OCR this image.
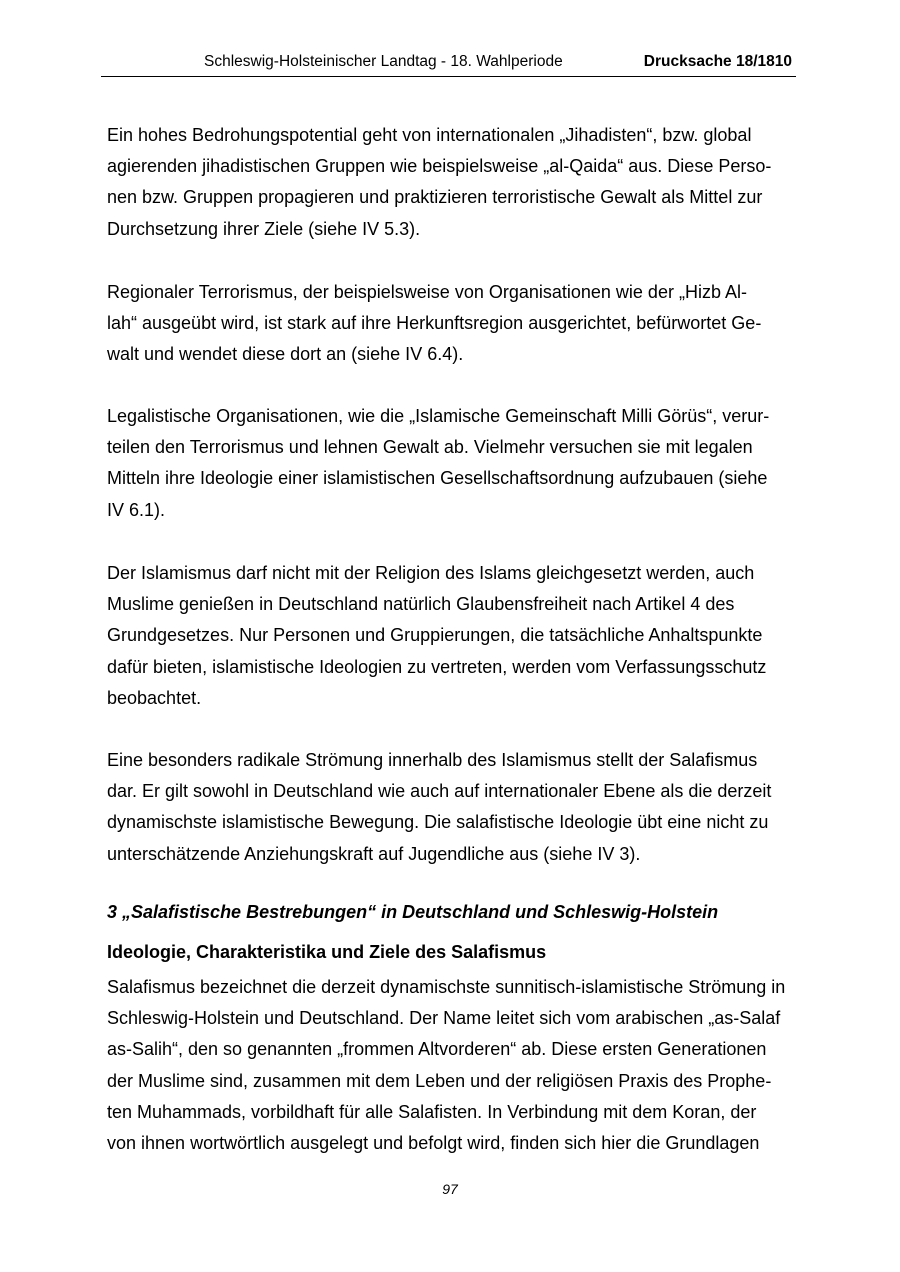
Schleswig-Holsteinischer Landtag - 18. Wahlperiode	Drucksache 18/1810

Ein hohes Bedrohungspotential geht von internationalen „Jihadisten“, bzw. global
agierenden jihadistischen Gruppen wie beispielsweise „al-Qaida“ aus. Diese Perso-
nen bzw. Gruppen propagieren und praktizieren terroristische Gewalt als Mittel zur
Durchsetzung ihrer Ziele (siehe IV 5.3).

Regionaler Terrorismus, der beispielsweise von Organisationen wie der „Hizb Al-
lah“ ausgeübt wird, ist stark auf ihre Herkunftsregion ausgerichtet, befürwortet Ge-
walt und wendet diese dort an (siehe IV 6.4).

Legalistische Organisationen, wie die „Islamische Gemeinschaft Milli Görüs“, verur-
teilen den Terrorismus und lehnen Gewalt ab. Vielmehr versuchen sie mit legalen
Mitteln ihre Ideologie einer islamistischen Gesellschaftsordnung aufzubauen (siehe
IV 6.1).

Der Islamismus darf nicht mit der Religion des Islams gleichgesetzt werden, auch
Muslime genießen in Deutschland natürlich Glaubensfreiheit nach Artikel 4 des
Grundgesetzes. Nur Personen und Gruppierungen, die tatsächliche Anhaltspunkte
dafür bieten, islamistische Ideologien zu vertreten, werden vom Verfassungsschutz
beobachtet.

Eine besonders radikale Strömung innerhalb des Islamismus stellt der Salafismus
dar. Er gilt sowohl in Deutschland wie auch auf internationaler Ebene als die derzeit
dynamischste islamistische Bewegung. Die salafistische Ideologie übt eine nicht zu
unterschätzende Anziehungskraft auf Jugendliche aus (siehe IV 3).

3 „Salafistische Bestrebungen“ in Deutschland und Schleswig-Holstein
Ideologie, Charakteristika und Ziele des Salafismus

Salafismus bezeichnet die derzeit dynamischste sunnitisch-islamistische Strömung in
Schleswig-Holstein und Deutschland. Der Name leitet sich vom arabischen „as-Salaf
as-Salih“, den so genannten „frommen Altvorderen“ ab. Diese ersten Generationen
der Muslime sind, zusammen mit dem Leben und der religiösen Praxis des Prophe-
ten Muhammads, vorbildhaft für alle Salafisten. In Verbindung mit dem Koran, der
von ihnen wortwörtlich ausgelegt und befolgt wird, finden sich hier die Grundlagen

97
